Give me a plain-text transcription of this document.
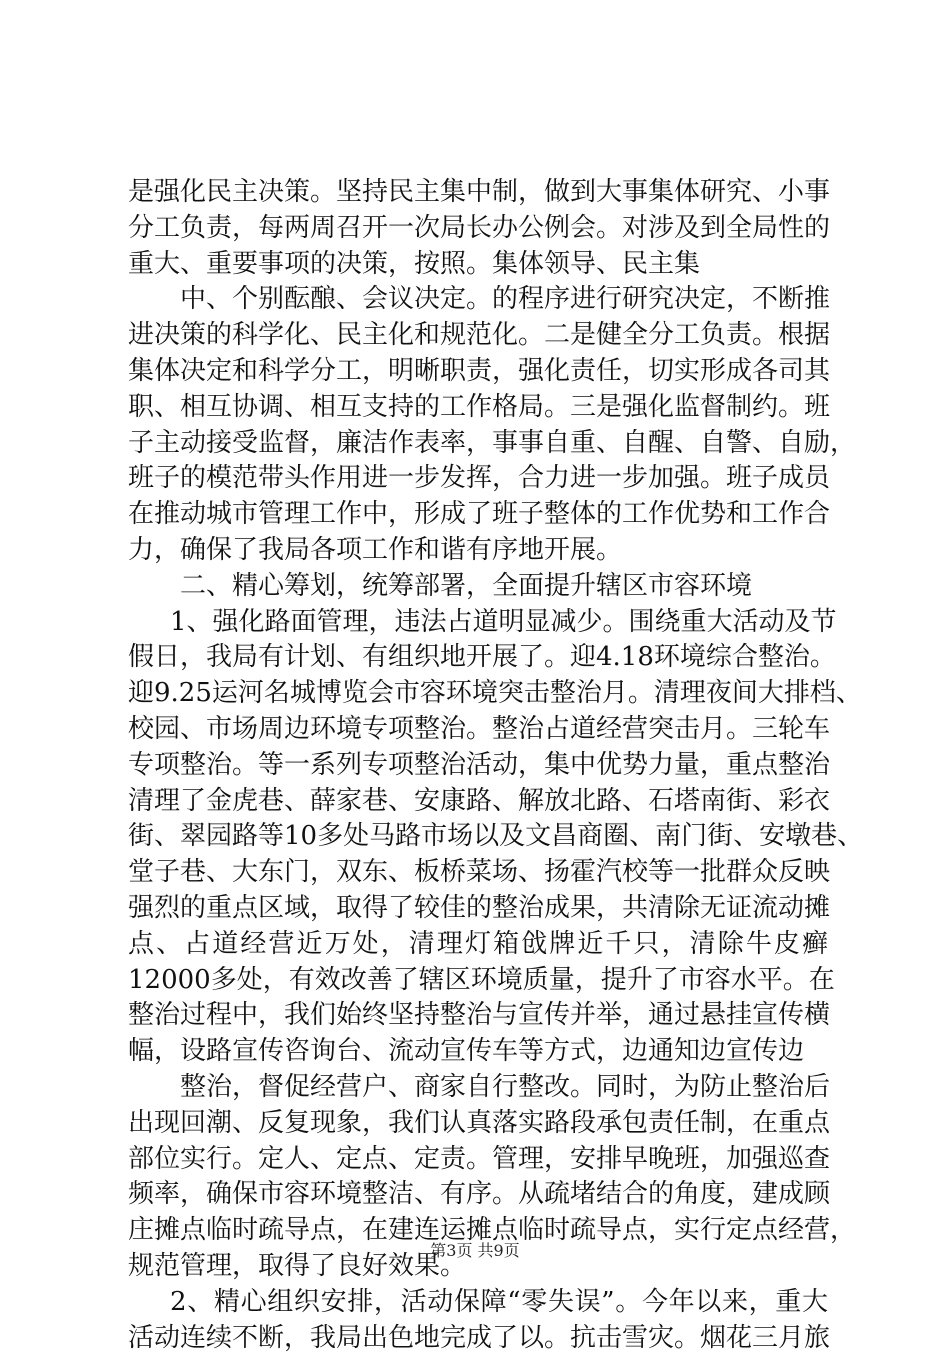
是强化民主决策。坚持民主集中制，做到大事集体研究、小事
分工负责，每两周召开一次局长办公例会。对涉及到全局性的
重大、重要事项的决策，按照。集体领导、民主集
中、个别酝酿、会议决定。的程序进行研究决定，不断推
进决策的科学化、民主化和规范化。二是健全分工负责。根据
集体决定和科学分工，明晰职责，强化责任，切实形成各司其
职、相互协调、相互支持的工作格局。三是强化监督制约。班
子主动接受监督，廉洁作表率，事事自重、自醒、自警、自励，
班子的模范带头作用进一步发挥，合力进一步加强。班子成员
在推动城市管理工作中，形成了班子整体的工作优势和工作合
力，确保了我局各项工作和谐有序地开展。
二、精心筹划，统筹部署，全面提升辖区市容环境
1、强化路面管理，违法占道明显减少。围绕重大活动及节
假日，我局有计划、有组织地开展了。迎4.18环境综合整治。
迎9.25运河名城博览会市容环境突击整治月。清理夜间大排档、
校园、市场周边环境专项整治。整治占道经营突击月。三轮车
专项整治。等一系列专项整治活动，集中优势力量，重点整治
清理了金虎巷、薛家巷、安康路、解放北路、石塔南街、彩衣
街、翠园路等10多处马路市场以及文昌商圈、南门街、安墩巷、
堂子巷、大东门，双东、板桥菜场、扬霍汽校等一批群众反映
强烈的重点区域，取得了较佳的整治成果，共清除无证流动摊
点、占道经营近万处，清理灯箱戗牌近千只，清除牛皮癣
12000多处，有效改善了辖区环境质量，提升了市容水平。在
整治过程中，我们始终坚持整治与宣传并举，通过悬挂宣传横
幅，设路宣传咨询台、流动宣传车等方式，边通知边宣传边
整治，督促经营户、商家自行整改。同时，为防止整治后
出现回潮、反复现象，我们认真落实路段承包责任制，在重点
部位实行。定人、定点、定责。管理，安排早晚班，加强巡查
频率，确保市容环境整洁、有序。从疏堵结合的角度，建成顾
庄摊点临时疏导点，在建连运摊点临时疏导点，实行定点经营，
规范管理，取得了良好效果。
2、精心组织安排，活动保障“零失误”。今年以来，重大
活动连续不断，我局出色地完成了以。抗击雪灾。烟花三月旅
第3页 共9页
